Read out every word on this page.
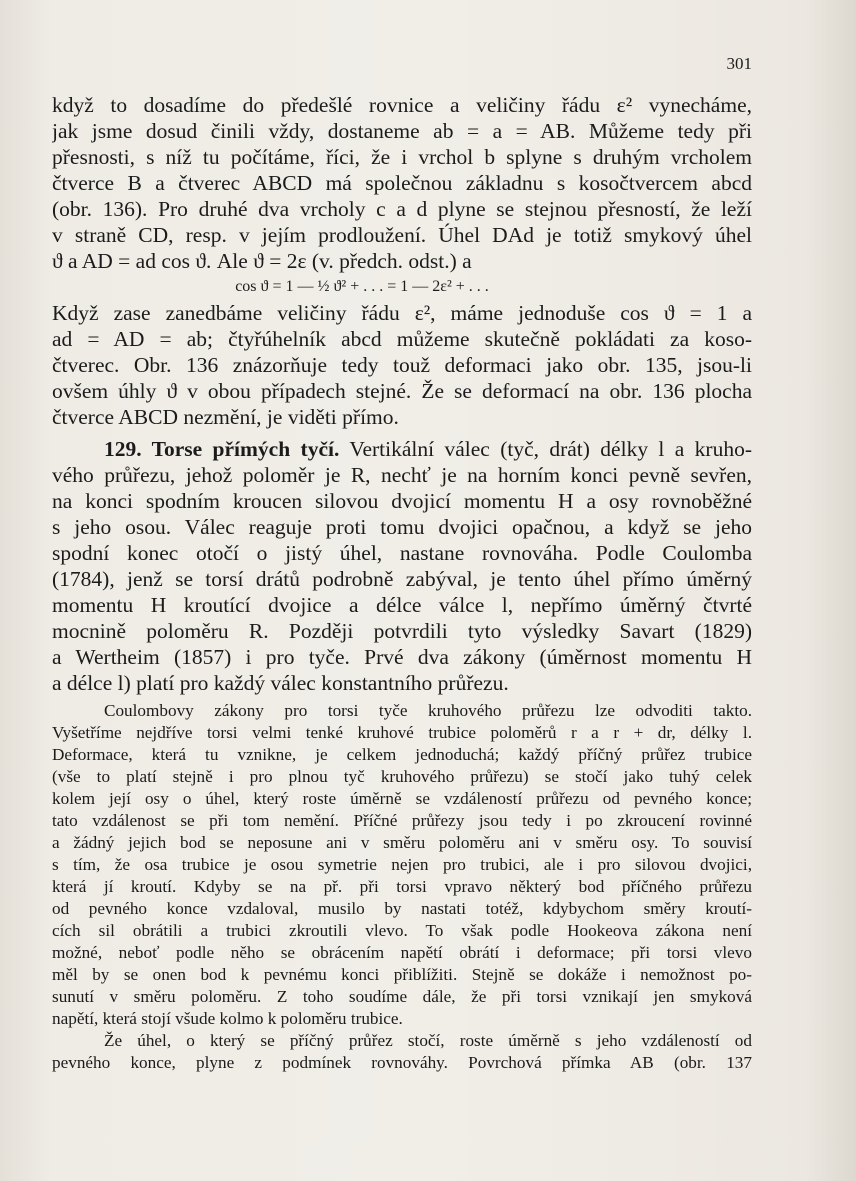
301
když to dosadíme do předešlé rovnice a veličiny řádu ε² vynecháme,
jak jsme dosud činili vždy, dostaneme ab = a = AB. Můžeme tedy při
přesnosti, s níž tu počítáme, říci, že i vrchol b splyne s druhým vrcholem
čtverce B a čtverec ABCD má společnou základnu s kosočtvercem abcd
(obr. 136). Pro druhé dva vrcholy c a d plyne se stejnou přesností, že leží
v straně CD, resp. v jejím prodloužení. Úhel DAd je totiž smykový úhel
ϑ a AD = ad cos ϑ. Ale ϑ = 2ε (v. předch. odst.) a
cos ϑ = 1 — ½ ϑ² + . . . = 1 — 2ε² + . . .
Když zase zanedbáme veličiny řádu ε², máme jednoduše cos ϑ = 1 a
ad = AD = ab; čtyřúhelník abcd můžeme skutečně pokládati za koso-
čtverec. Obr. 136 znázorňuje tedy touž deformaci jako obr. 135, jsou-li
ovšem úhly ϑ v obou případech stejné. Že se deformací na obr. 136 plocha
čtverce ABCD nezmění, je viděti přímo.
129. Torse přímých tyčí. Vertikální válec (tyč, drát) délky l a kruho-
vého průřezu, jehož poloměr je R, nechť je na horním konci pevně sevřen,
na konci spodním kroucen silovou dvojicí momentu H a osy rovnoběžné
s jeho osou. Válec reaguje proti tomu dvojici opačnou, a když se jeho
spodní konec otočí o jistý úhel, nastane rovnováha. Podle Coulomba
(1784), jenž se torsí drátů podrobně zabýval, je tento úhel přímo úměrný
momentu H kroutící dvojice a délce válce l, nepřímo úměrný čtvrté
mocnině poloměru R. Později potvrdili tyto výsledky Savart (1829)
a Wertheim (1857) i pro tyče. Prvé dva zákony (úměrnost momentu H
a délce l) platí pro každý válec konstantního průřezu.
Coulombovy zákony pro torsi tyče kruhového průřezu lze odvoditi takto.
Vyšetříme nejdříve torsi velmi tenké kruhové trubice poloměrů r a r + dr, délky l.
Deformace, která tu vznikne, je celkem jednoduchá; každý příčný průřez trubice
(vše to platí stejně i pro plnou tyč kruhového průřezu) se stočí jako tuhý celek
kolem její osy o úhel, který roste úměrně se vzdáleností průřezu od pevného konce;
tato vzdálenost se při tom nemění. Příčné průřezy jsou tedy i po zkroucení rovinné
a žádný jejich bod se neposune ani v směru poloměru ani v směru osy. To souvisí
s tím, že osa trubice je osou symetrie nejen pro trubici, ale i pro silovou dvojici,
která jí kroutí. Kdyby se na př. při torsi vpravo některý bod příčného průřezu
od pevného konce vzdaloval, musilo by nastati totéž, kdybychom směry kroutí-
cích sil obrátili a trubici zkroutili vlevo. To však podle Hookeova zákona není
možné, neboť podle něho se obrácením napětí obrátí i deformace; při torsi vlevo
měl by se onen bod k pevnému konci přiblížiti. Stejně se dokáže i nemožnost po-
sunutí v směru poloměru. Z toho soudíme dále, že při torsi vznikají jen smyková
napětí, která stojí všude kolmo k poloměru trubice.
Že úhel, o který se příčný průřez stočí, roste úměrně s jeho vzdáleností od
pevného konce, plyne z podmínek rovnováhy. Povrchová přímka AB (obr. 137
